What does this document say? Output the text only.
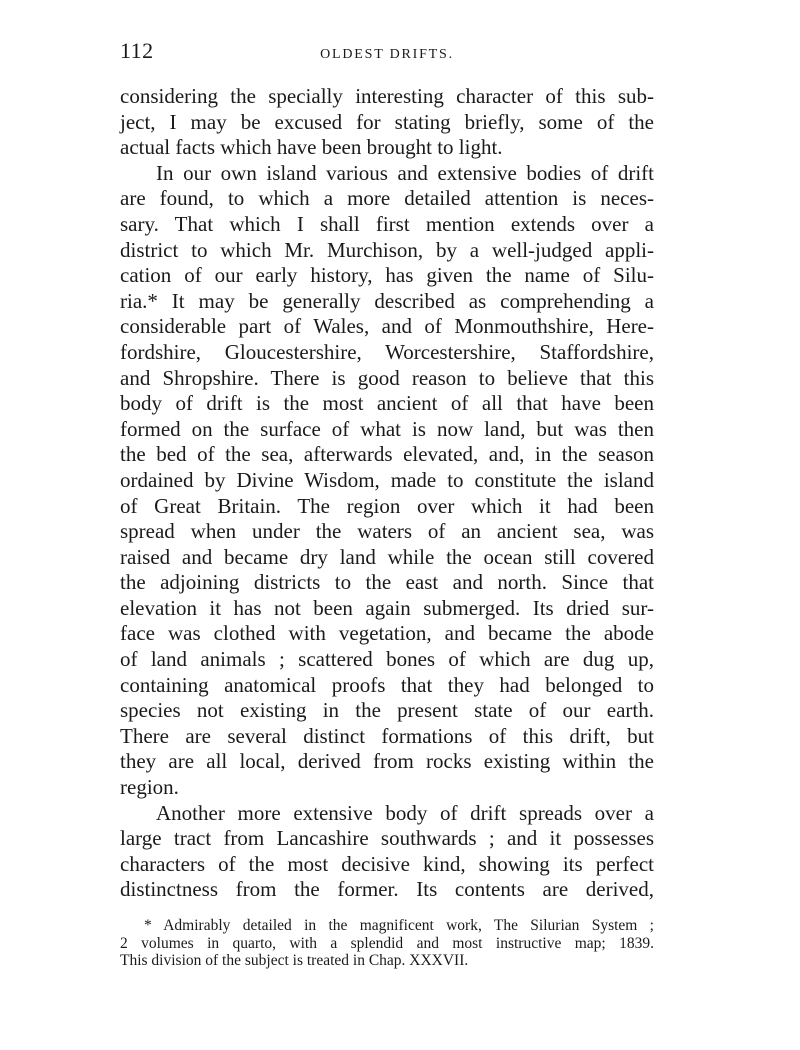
112	OLDEST DRIFTS.
considering the specially interesting character of this sub-
ject, I may be excused for stating briefly, some of the
actual facts which have been brought to light.
In our own island various and extensive bodies of drift
are found, to which a more detailed attention is neces-
sary. That which I shall first mention extends over a
district to which Mr. Murchison, by a well-judged appli-
cation of our early history, has given the name of Silu-
ria.* It may be generally described as comprehending a
considerable part of Wales, and of Monmouthshire, Here-
fordshire, Gloucestershire, Worcestershire, Staffordshire,
and Shropshire. There is good reason to believe that this
body of drift is the most ancient of all that have been
formed on the surface of what is now land, but was then
the bed of the sea, afterwards elevated, and, in the season
ordained by Divine Wisdom, made to constitute the island
of Great Britain. The region over which it had been
spread when under the waters of an ancient sea, was
raised and became dry land while the ocean still covered
the adjoining districts to the east and north. Since that
elevation it has not been again submerged. Its dried sur-
face was clothed with vegetation, and became the abode
of land animals ; scattered bones of which are dug up,
containing anatomical proofs that they had belonged to
species not existing in the present state of our earth.
There are several distinct formations of this drift, but
they are all local, derived from rocks existing within the
region.
Another more extensive body of drift spreads over a
large tract from Lancashire southwards ; and it possesses
characters of the most decisive kind, showing its perfect
distinctness from the former. Its contents are derived,
* Admirably detailed in the magnificent work, The Silurian System ;
2 volumes in quarto, with a splendid and most instructive map; 1839.
This division of the subject is treated in Chap. XXXVII.
